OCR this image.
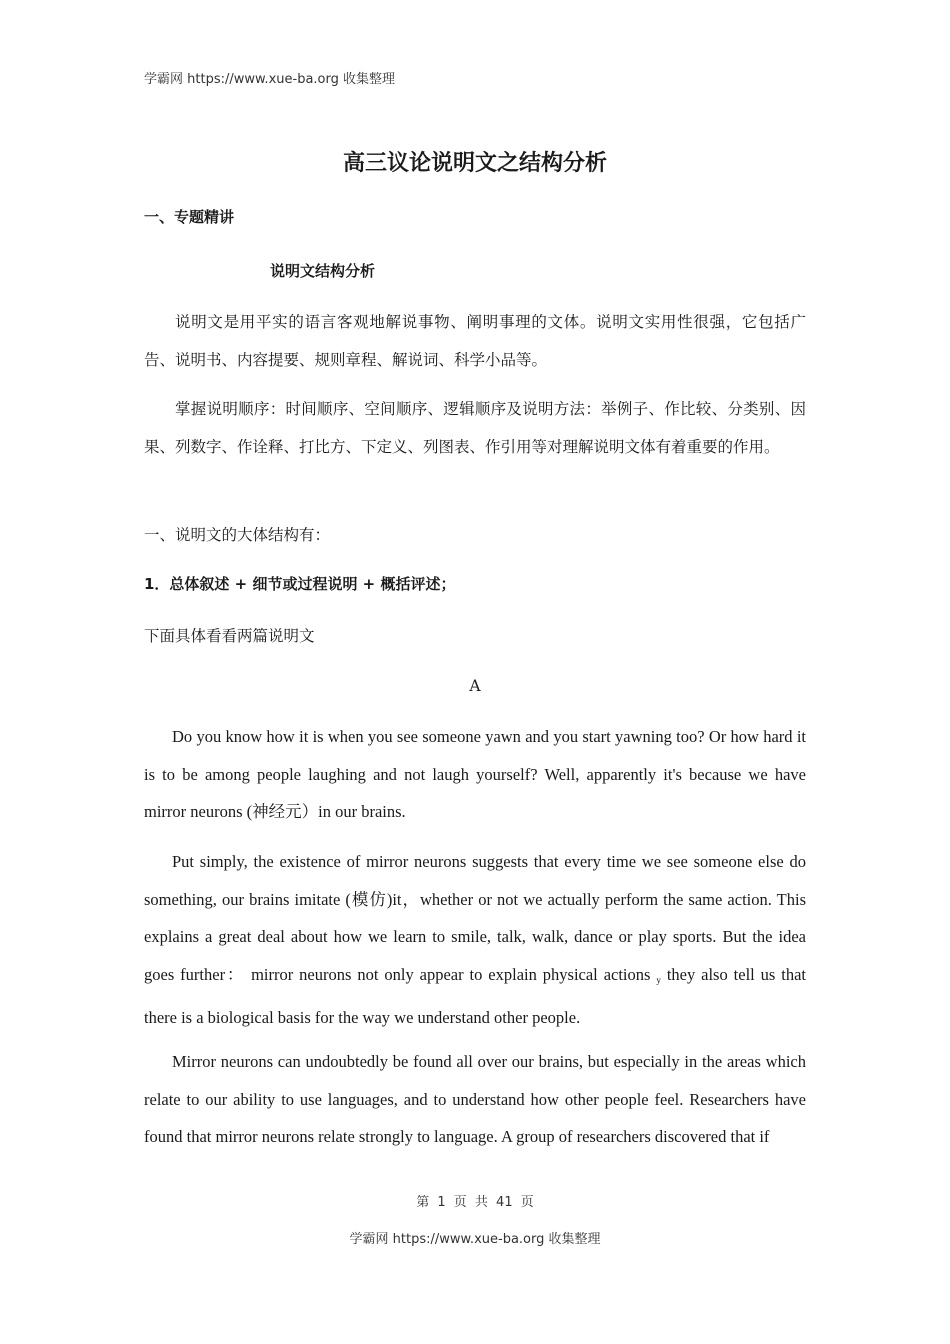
学霸网 https://www.xue-ba.org 收集整理
高三议论说明文之结构分析
一、专题精讲
说明文结构分析
说明文是用平实的语言客观地解说事物、阐明事理的文体。说明文实用性很强，它包括广告、说明书、内容提要、规则章程、解说词、科学小品等。
掌握说明顺序：时间顺序、空间顺序、逻辑顺序及说明方法：举例子、作比较、分类别、因果、列数字、作诠释、打比方、下定义、列图表、作引用等对理解说明文体有着重要的作用。
一、说明文的大体结构有：
1．总体叙述 + 细节或过程说明 + 概括评述；
下面具体看看两篇说明文
A
Do you know how it is when you see someone yawn and you start yawning too? Or how hard it is to be among people laughing and not laugh yourself? Well, apparently it's because we have mirror neurons (神经元）in our brains.
Put simply, the existence of mirror neurons suggests that every time we see someone else do something, our brains imitate (模仿)it，whether or not we actually perform the same action. This explains a great deal about how we learn to smile, talk, walk, dance or play sports. But the idea goes further： mirror neurons not only appear to explain physical actions y they also tell us that there is a biological basis for the way we understand other people.
Mirror neurons can undoubtedly be found all over our brains, but especially in the areas which relate to our ability to use languages, and to understand how other people feel. Researchers have found that mirror neurons relate strongly to language. A group of researchers discovered that if
第 1 页 共 41 页
学霸网 https://www.xue-ba.org 收集整理
